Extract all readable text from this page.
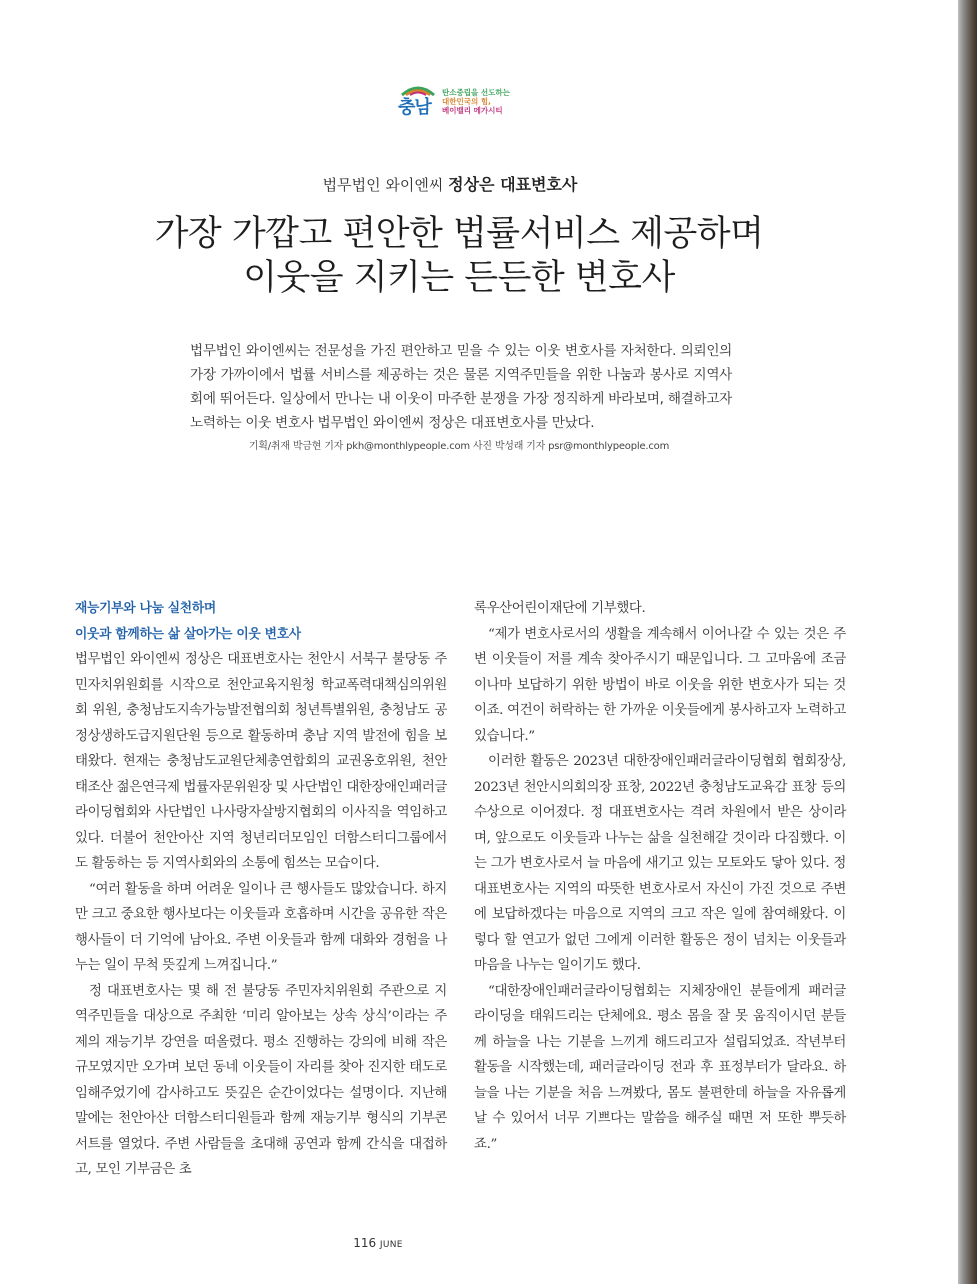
충남
탄소중립을 선도하는
대한민국의 힘,
베이밸리 메가시티
법무법인 와이엔씨 정상은 대표변호사
가장 가깝고 편안한 법률서비스 제공하며
이웃을 지키는 든든한 변호사
법무법인 와이엔씨는 전문성을 가진 편안하고 믿을 수 있는 이웃 변호사를 자처한다. 의뢰인의 가장 가까이에서 법률 서비스를 제공하는 것은 물론 지역주민들을 위한 나눔과 봉사로 지역사회에 뛰어든다. 일상에서 만나는 내 이웃이 마주한 분쟁을 가장 정직하게 바라보며, 해결하고자 노력하는 이웃 변호사 법무법인 와이엔씨 정상은 대표변호사를 만났다.
기획/취재 박금현 기자 pkh@monthlypeople.com 사진 박성래 기자 psr@monthlypeople.com
재능기부와 나눔 실천하며
이웃과 함께하는 삶 살아가는 이웃 변호사

법무법인 와이엔씨 정상은 대표변호사는 천안시 서북구 불당동 주민자치위원회를 시작으로 천안교육지원청 학교폭력대책심의위원회 위원, 충청남도지속가능발전협의회 청년특별위원, 충청남도 공정상생하도급지원단원 등으로 활동하며 충남 지역 발전에 힘을 보태왔다. 현재는 충청남도교원단체총연합회의 교권옹호위원, 천안 태조산 젊은연극제 법률자문위원장 및 사단법인 대한장애인패러글라이딩협회와 사단법인 나사랑자살방지협회의 이사직을 역임하고 있다. 더불어 천안아산 지역 청년리더모임인 더함스터디그룹에서도 활동하는 등 지역사회와의 소통에 힘쓰는 모습이다.

“여러 활동을 하며 어려운 일이나 큰 행사들도 많았습니다. 하지만 크고 중요한 행사보다는 이웃들과 호흡하며 시간을 공유한 작은 행사들이 더 기억에 남아요. 주변 이웃들과 함께 대화와 경험을 나누는 일이 무척 뜻깊게 느껴집니다.”

정 대표변호사는 몇 해 전 불당동 주민자치위원회 주관으로 지역주민들을 대상으로 주최한 ‘미리 알아보는 상속 상식’이라는 주제의 재능기부 강연을 떠올렸다. 평소 진행하는 강의에 비해 작은 규모였지만 오가며 보던 동네 이웃들이 자리를 찾아 진지한 태도로 임해주었기에 감사하고도 뜻깊은 순간이었다는 설명이다. 지난해 말에는 천안아산 더함스터디원들과 함께 재능기부 형식의 기부콘서트를 열었다. 주변 사람들을 초대해 공연과 함께 간식을 대접하고, 모인 기부금은 초

록우산어린이재단에 기부했다.

“제가 변호사로서의 생활을 계속해서 이어나갈 수 있는 것은 주변 이웃들이 저를 계속 찾아주시기 때문입니다. 그 고마움에 조금이나마 보답하기 위한 방법이 바로 이웃을 위한 변호사가 되는 것이죠. 여건이 허락하는 한 가까운 이웃들에게 봉사하고자 노력하고 있습니다.”

이러한 활동은 2023년 대한장애인패러글라이딩협회 협회장상, 2023년 천안시의회의장 표창, 2022년 충청남도교육감 표창 등의 수상으로 이어졌다. 정 대표변호사는 격려 차원에서 받은 상이라며, 앞으로도 이웃들과 나누는 삶을 실천해갈 것이라 다짐했다. 이는 그가 변호사로서 늘 마음에 새기고 있는 모토와도 닿아 있다. 정 대표변호사는 지역의 따뜻한 변호사로서 자신이 가진 것으로 주변에 보답하겠다는 마음으로 지역의 크고 작은 일에 참여해왔다. 이렇다 할 연고가 없던 그에게 이러한 활동은 정이 넘치는 이웃들과 마음을 나누는 일이기도 했다.

“대한장애인패러글라이딩협회는 지체장애인 분들에게 패러글라이딩을 태워드리는 단체에요. 평소 몸을 잘 못 움직이시던 분들께 하늘을 나는 기분을 느끼게 해드리고자 설립되었죠. 작년부터 활동을 시작했는데, 패러글라이딩 전과 후 표정부터가 달라요. 하늘을 나는 기분을 처음 느껴봤다, 몸도 불편한데 하늘을 자유롭게 날 수 있어서 너무 기쁘다는 말씀을 해주실 때면 저 또한 뿌듯하죠.”

116 JUNE
